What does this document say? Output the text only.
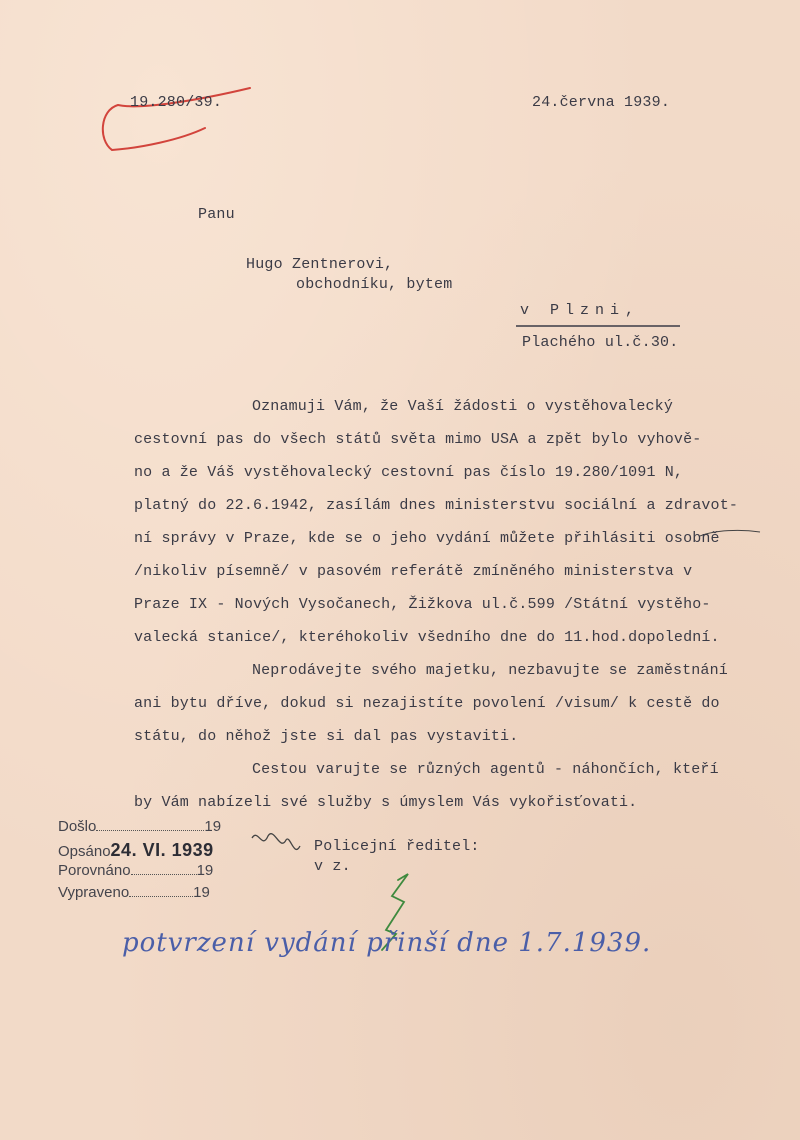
19.280/39.	24.června 1939.
Panu
Hugo Zentnerovi,
obchodníku, bytem
v Plzni,
Plachého ul.č.30.
Oznamuji Vám, že Vaší žádosti o vystěhovalecký
cestovní pas do všech států světa mimo USA a zpět bylo vyhově-
no a že Váš vystěhovalecký cestovní pas číslo 19.280/1091 N,
platný do 22.6.1942, zasílám dnes ministerstvu sociální a zdravot-
ní správy v Praze, kde se o jeho vydání můžete přihlásiti osobně
/nikoliv písemně/ v pasovém referátě zmíněného ministerstva v
Praze IX - Nových Vysočanech, Žižkova ul.č.599 /Státní vystěho-
valecká stanice/, kteréhokoliv všedního dne do 11.hod.dopolední.
Neprodávejte svého majetku, nezbavujte se zaměstnání
ani bytu dříve, dokud si nezajistíte povolení /visum/ k cestě do
státu, do něhož jste si dal pas vystaviti.
Cestou varujte se různých agentů - náhončích, kteří
by Vám nabízeli své služby s úmyslem Vás vykořisťovati.
Došlo	19
Opsáno24. VI. 1939
Porovnáno	19
Vypraveno	19
Policejní ředitel:
v z.
potvrzení vydání přinší dne 1.7.1939.
